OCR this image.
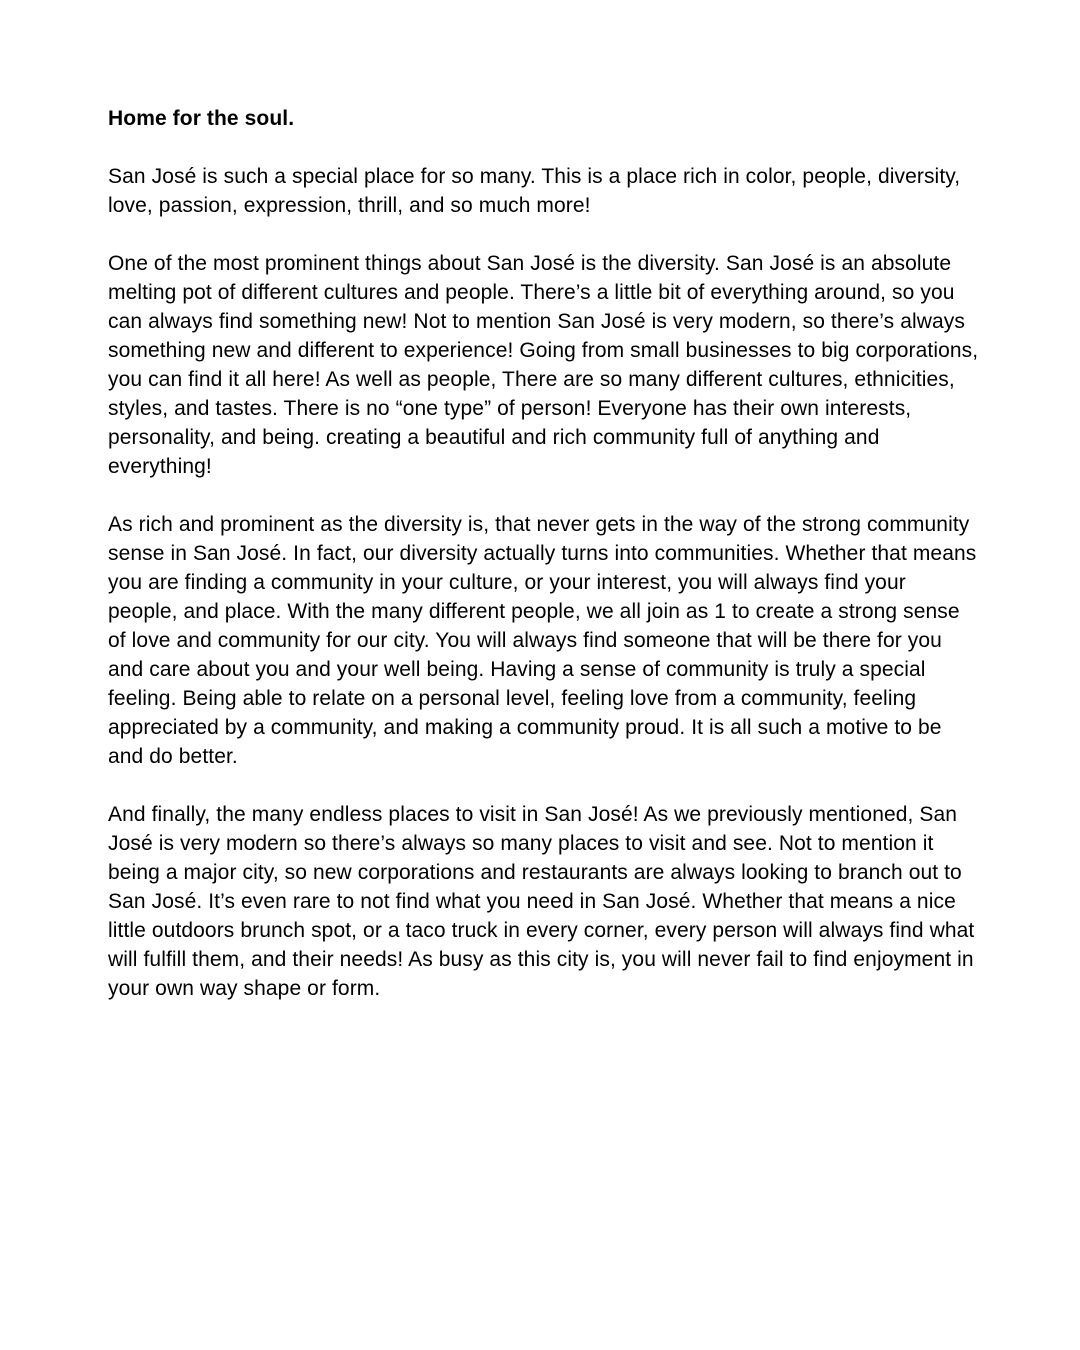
Home for the soul.

San José is such a special place for so many. This is a place rich in color, people, diversity, love, passion, expression, thrill, and so much more!

One of the most prominent things about San José is the diversity. San José is an absolute melting pot of different cultures and people. There’s a little bit of everything around, so you can always find something new! Not to mention San José is very modern, so there’s always something new and different to experience! Going from small businesses to big corporations, you can find it all here! As well as people, There are so many different cultures, ethnicities, styles, and tastes. There is no “one type” of person! Everyone has their own interests, personality, and being. creating a beautiful and rich community full of anything and everything!

As rich and prominent as the diversity is, that never gets in the way of the strong community sense in San José. In fact, our diversity actually turns into communities. Whether that means you are finding a community in your culture, or your interest, you will always find your people, and place. With the many different people, we all join as 1 to create a strong sense of love and community for our city. You will always find someone that will be there for you and care about you and your well being. Having a sense of community is truly a special feeling. Being able to relate on a personal level, feeling love from a community, feeling appreciated by a community, and making a community proud. It is all such a motive to be and do better.

And finally, the many endless places to visit in San José! As we previously mentioned, San José is very modern so there’s always so many places to visit and see. Not to mention it being a major city, so new corporations and restaurants are always looking to branch out to San José. It’s even rare to not find what you need in San José. Whether that means a nice little outdoors brunch spot, or a taco truck in every corner, every person will always find what will fulfill them, and their needs! As busy as this city is, you will never fail to find enjoyment in your own way shape or form.
